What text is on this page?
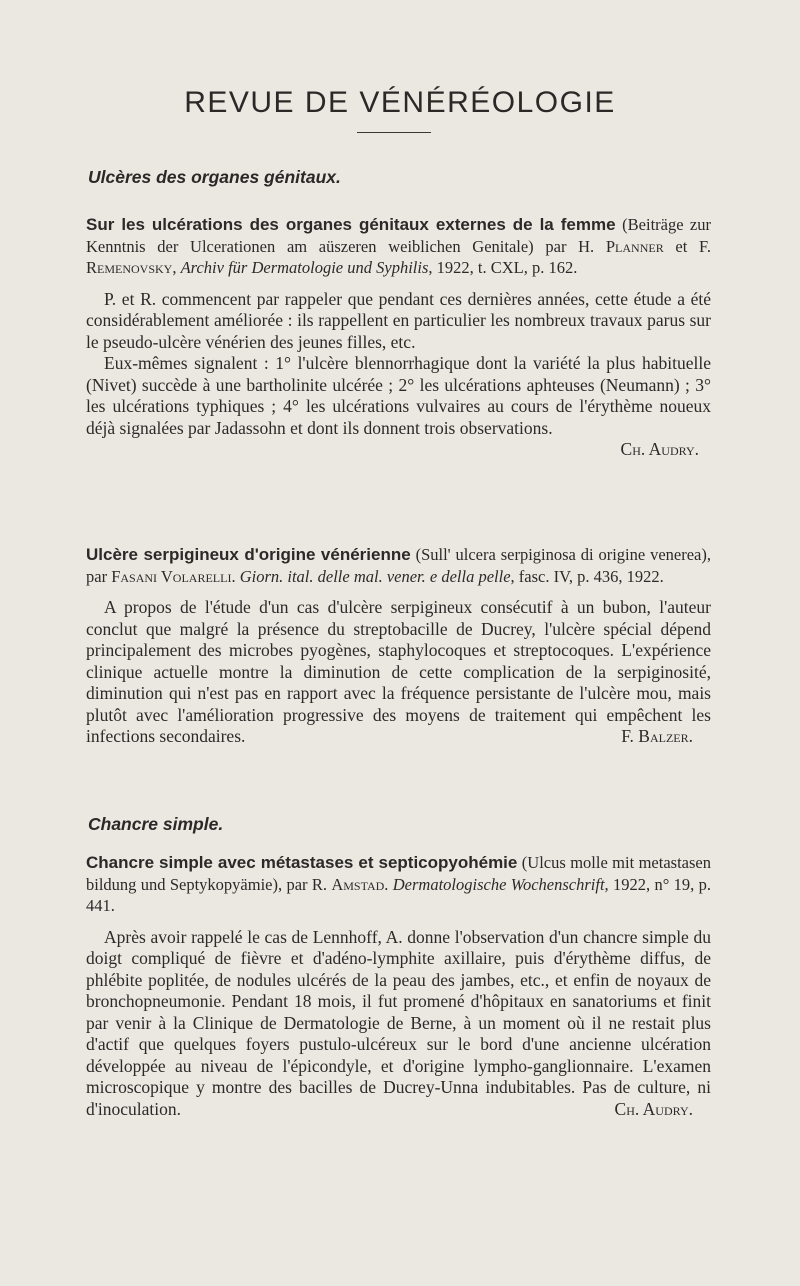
REVUE DE VÉNÉRÉOLOGIE
Ulcères des organes génitaux.
Sur les ulcérations des organes génitaux externes de la femme (Beiträge zur Kenntnis der Ulcerationen am aüszeren weiblichen Genitale) par H. Planner et F. Remenovsky, Archiv für Dermatologie und Syphilis, 1922, t. CXL, p. 162.

P. et R. commencent par rappeler que pendant ces dernières années, cette étude a été considérablement améliorée : ils rappellent en particulier les nombreux travaux parus sur le pseudo-ulcère vénérien des jeunes filles, etc.

Eux-mêmes signalent : 1° l'ulcère blennorrhagique dont la variété la plus habituelle (Nivet) succède à une bartholinite ulcérée ; 2° les ulcérations aphteuses (Neumann) ; 3° les ulcérations typhiques ; 4° les ulcérations vulvaires au cours de l'érythème noueux déjà signalées par Jadassohn et dont ils donnent trois observations.

Ch. Audry.
Ulcère serpigineux d'origine vénérienne (Sull' ulcera serpiginosa di origine venerea), par Fasani Volarelli. Giorn. ital. delle mal. vener. e della pelle, fasc. IV, p. 436, 1922.

A propos de l'étude d'un cas d'ulcère serpigineux consécutif à un bubon, l'auteur conclut que malgré la présence du streptobacille de Ducrey, l'ulcère spécial dépend principalement des microbes pyogènes, staphylocoques et streptocoques. L'expérience clinique actuelle montre la diminution de cette complication de la serpiginosité, diminution qui n'est pas en rapport avec la fréquence persistante de l'ulcère mou, mais plutôt avec l'amélioration progressive des moyens de traitement qui empêchent les infections secondaires.	F. Balzer.

Chancre simple.
Chancre simple avec métastases et septicopyohémie (Ulcus molle mit metastasen bildung und Septykopyämie), par R. Amstad. Dermatologische Wochenschrift, 1922, n° 19, p. 441.

Après avoir rappelé le cas de Lennhoff, A. donne l'observation d'un chancre simple du doigt compliqué de fièvre et d'adéno-lymphite axillaire, puis d'érythème diffus, de phlébite poplitée, de nodules ulcérés de la peau des jambes, etc., et enfin de noyaux de bronchopneumonie. Pendant 18 mois, il fut promené d'hôpitaux en sanatoriums et finit par venir à la Clinique de Dermatologie de Berne, à un moment où il ne restait plus d'actif que quelques foyers pustulo-ulcéreux sur le bord d'une ancienne ulcération développée au niveau de l'épicondyle, et d'origine lympho-ganglionnaire. L'examen microscopique y montre des bacilles de Ducrey-Unna indubitables. Pas de culture, ni d'inoculation.	Ch. Audry.
